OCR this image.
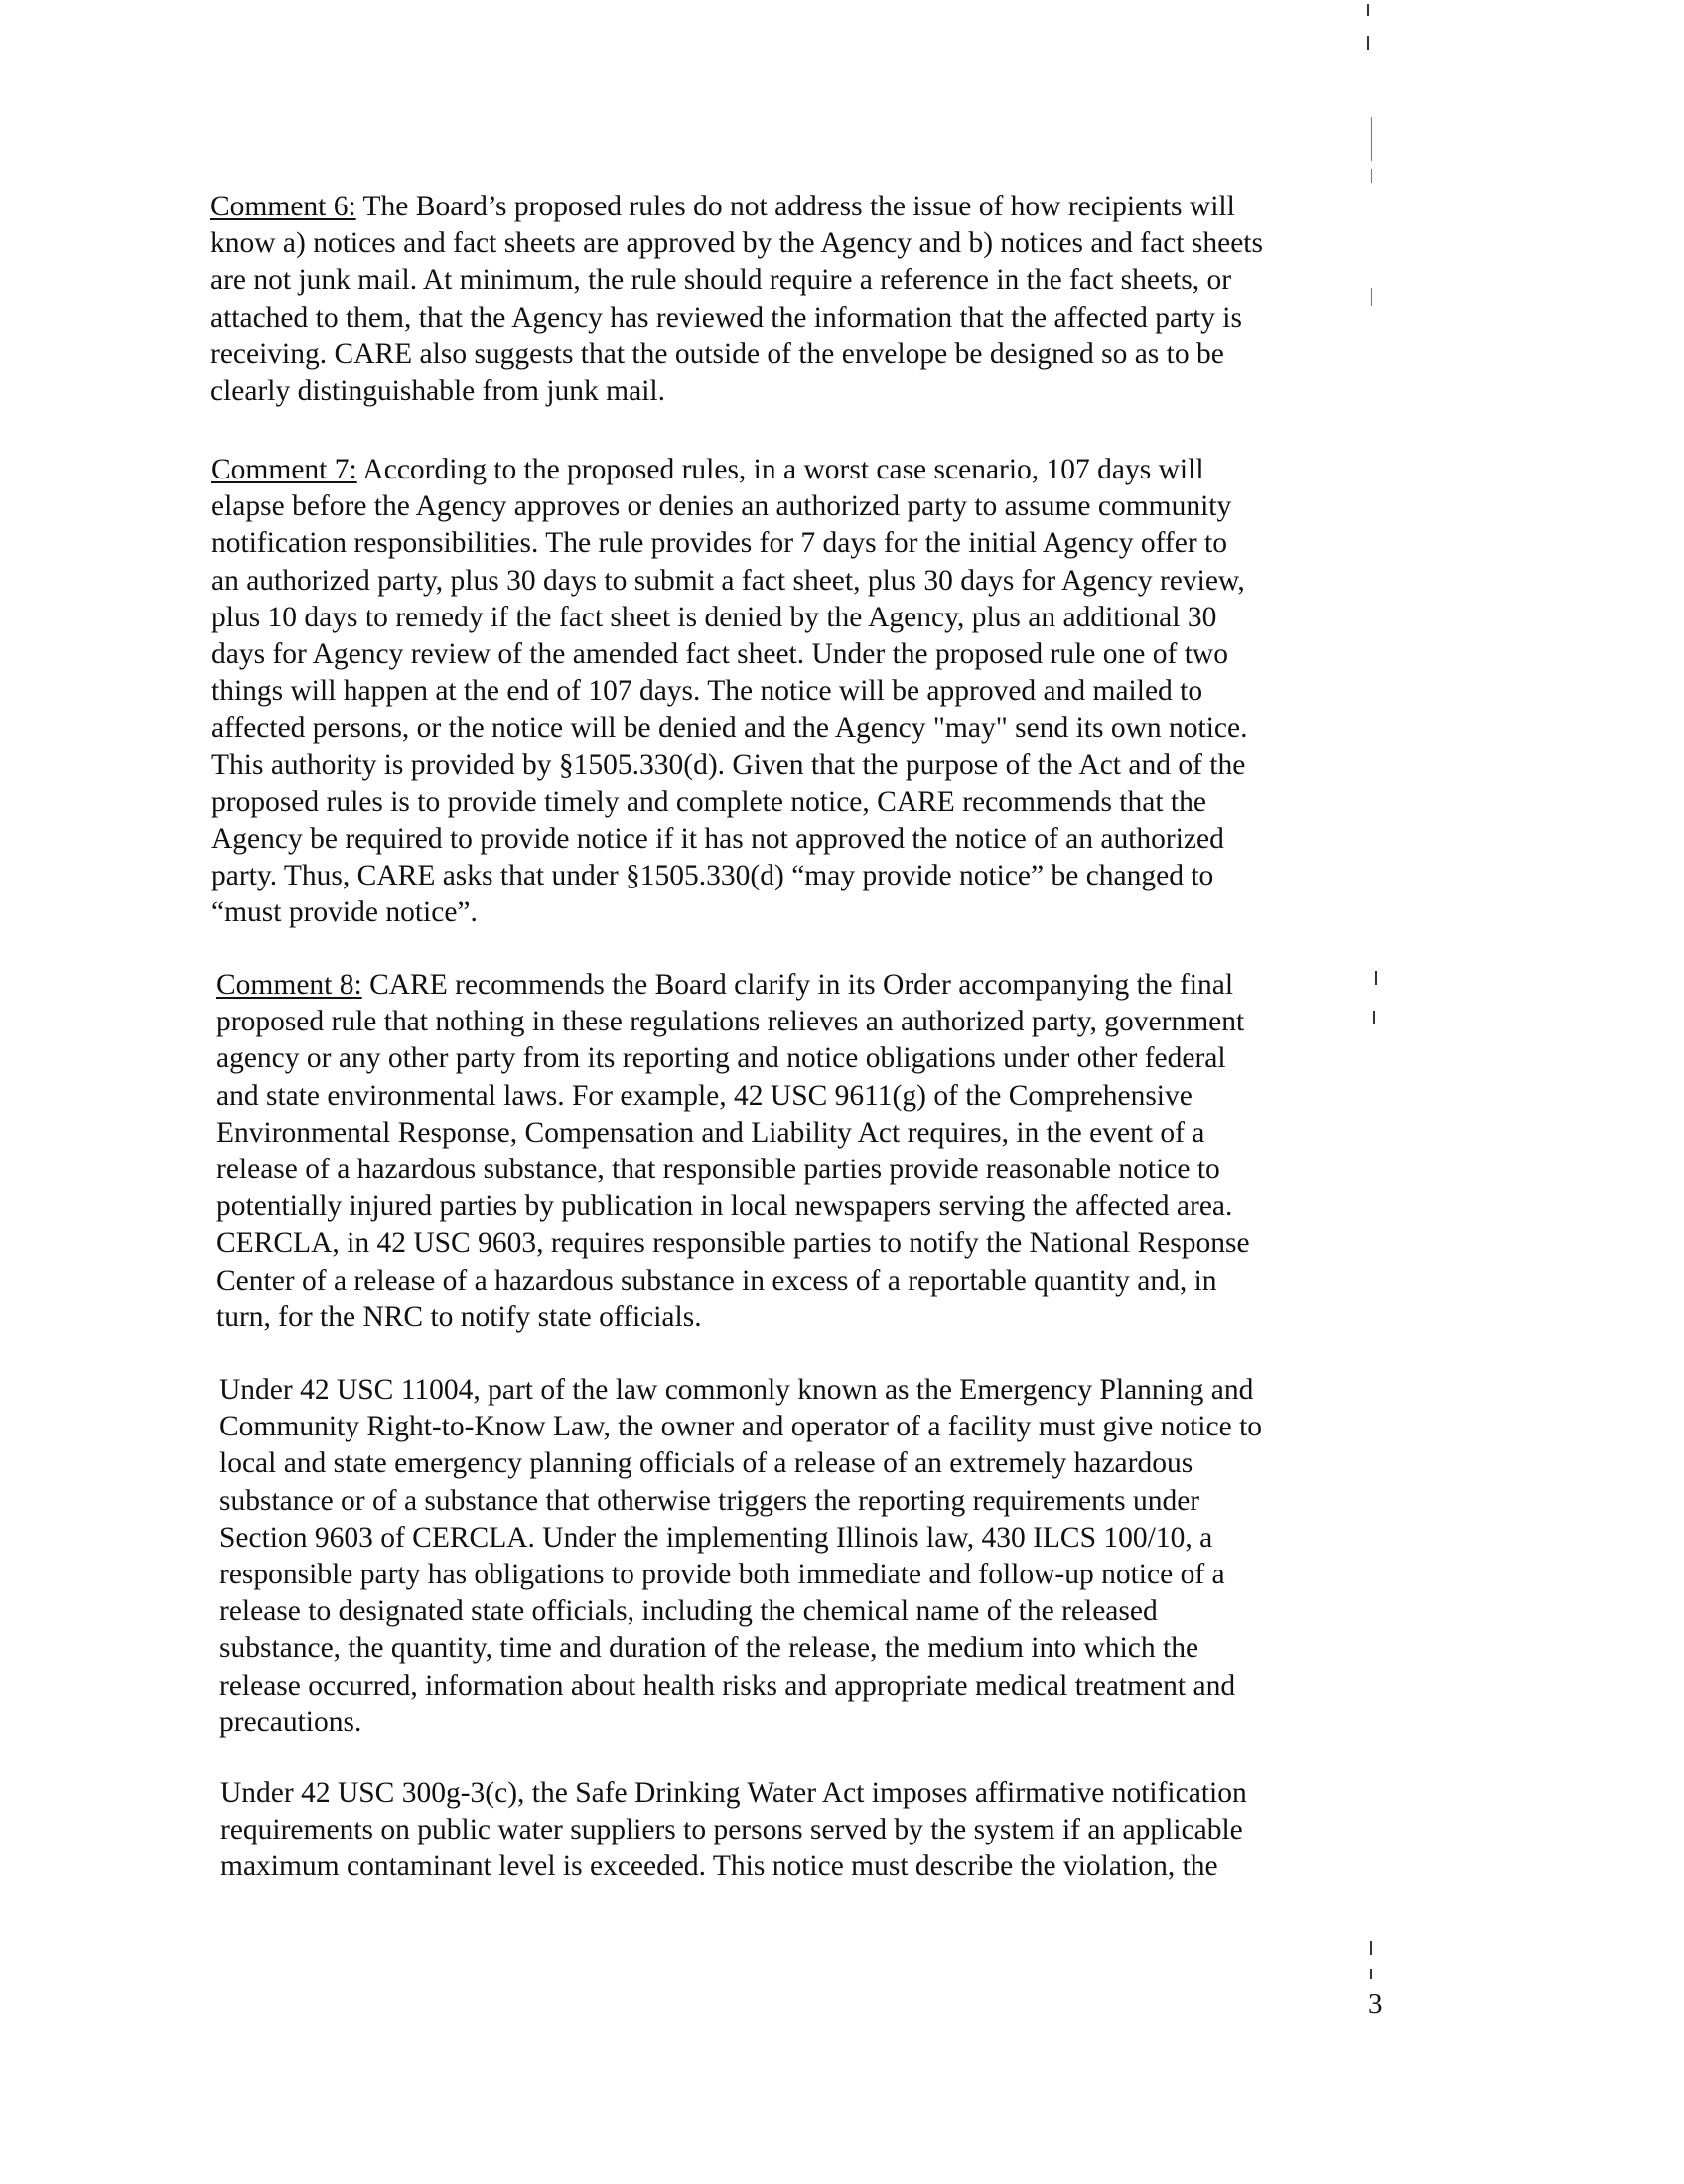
Comment 6: The Board’s proposed rules do not address the issue of how recipients will
know a) notices and fact sheets are approved by the Agency and b) notices and fact sheets
are not junk mail. At minimum, the rule should require a reference in the fact sheets, or
attached to them, that the Agency has reviewed the information that the affected party is
receiving. CARE also suggests that the outside of the envelope be designed so as to be
clearly distinguishable from junk mail.

Comment 7: According to the proposed rules, in a worst case scenario, 107 days will
elapse before the Agency approves or denies an authorized party to assume community
notification responsibilities. The rule provides for 7 days for the initial Agency offer to
an authorized party, plus 30 days to submit a fact sheet, plus 30 days for Agency review,
plus 10 days to remedy if the fact sheet is denied by the Agency, plus an additional 30
days for Agency review of the amended fact sheet. Under the proposed rule one of two
things will happen at the end of 107 days. The notice will be approved and mailed to
affected persons, or the notice will be denied and the Agency "may" send its own notice.
This authority is provided by §1505.330(d). Given that the purpose of the Act and of the
proposed rules is to provide timely and complete notice, CARE recommends that the
Agency be required to provide notice if it has not approved the notice of an authorized
party. Thus, CARE asks that under §1505.330(d) “may provide notice” be changed to
“must provide notice”.

Comment 8: CARE recommends the Board clarify in its Order accompanying the final
proposed rule that nothing in these regulations relieves an authorized party, government
agency or any other party from its reporting and notice obligations under other federal
and state environmental laws. For example, 42 USC 9611(g) of the Comprehensive
Environmental Response, Compensation and Liability Act requires, in the event of a
release of a hazardous substance, that responsible parties provide reasonable notice to
potentially injured parties by publication in local newspapers serving the affected area.
CERCLA, in 42 USC 9603, requires responsible parties to notify the National Response
Center of a release of a hazardous substance in excess of a reportable quantity and, in
turn, for the NRC to notify state officials.

Under 42 USC 11004, part of the law commonly known as the Emergency Planning and
Community Right-to-Know Law, the owner and operator of a facility must give notice to
local and state emergency planning officials of a release of an extremely hazardous
substance or of a substance that otherwise triggers the reporting requirements under
Section 9603 of CERCLA. Under the implementing Illinois law, 430 ILCS 100/10, a
responsible party has obligations to provide both immediate and follow-up notice of a
release to designated state officials, including the chemical name of the released
substance, the quantity, time and duration of the release, the medium into which the
release occurred, information about health risks and appropriate medical treatment and
precautions.

Under 42 USC 300g-3(c), the Safe Drinking Water Act imposes affirmative notification
requirements on public water suppliers to persons served by the system if an applicable
maximum contaminant level is exceeded. This notice must describe the violation, the

3
